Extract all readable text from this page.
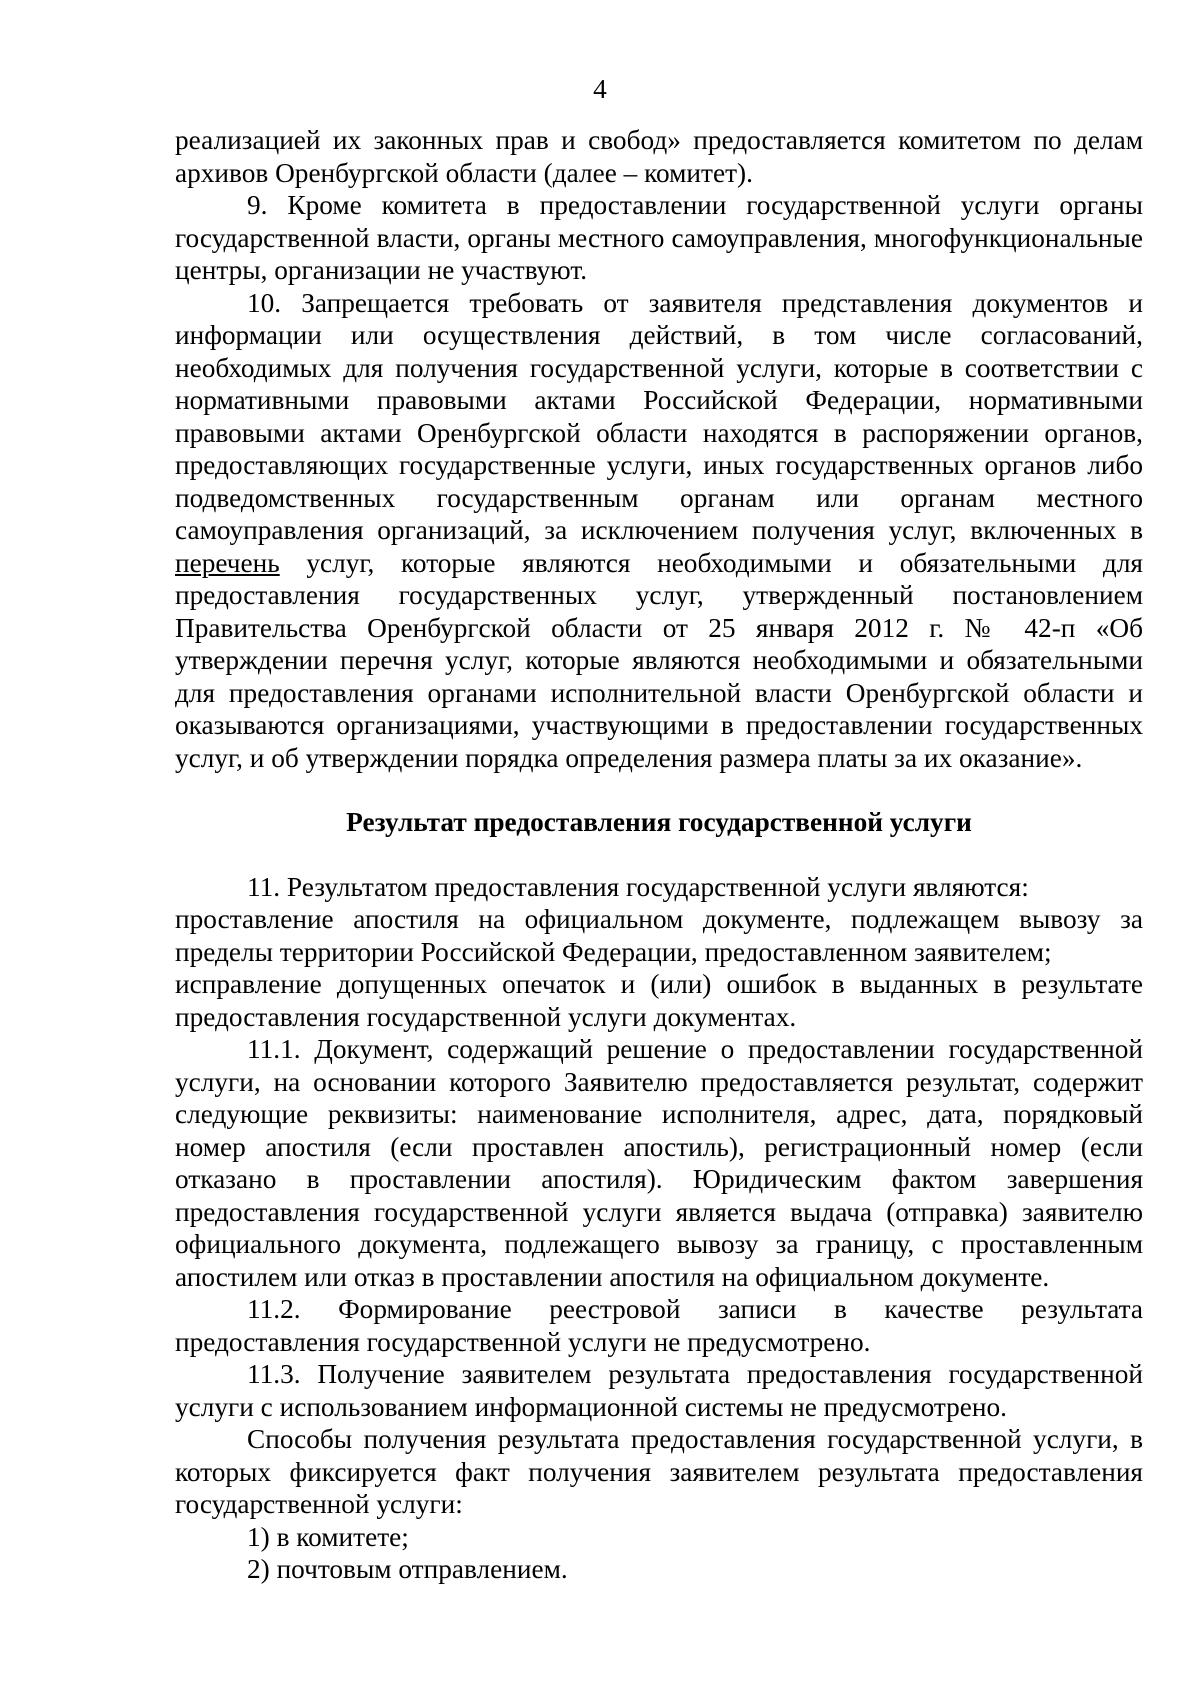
4

реализацией их законных прав и свобод» предоставляется комитетом по делам архивов Оренбургской области (далее – комитет).

9. Кроме комитета в предоставлении государственной услуги органы государственной власти, органы местного самоуправления, многофункциональные центры, организации не участвуют.

10. Запрещается требовать от заявителя представления документов и информации или осуществления действий, в том числе согласований, необходимых для получения государственной услуги, которые в соответствии с нормативными правовыми актами Российской Федерации, нормативными правовыми актами Оренбургской области находятся в распоряжении органов, предоставляющих государственные услуги, иных государственных органов либо подведомственных государственным органам или органам местного самоуправления организаций, за исключением получения услуг, включенных в перечень услуг, которые являются необходимыми и обязательными для предоставления государственных услуг, утвержденный постановлением Правительства Оренбургской области от 25 января 2012 г. № 42-п «Об утверждении перечня услуг, которые являются необходимыми и обязательными для предоставления органами исполнительной власти Оренбургской области и оказываются организациями, участвующими в предоставлении государственных услуг, и об утверждении порядка определения размера платы за их оказание».

Результат предоставления государственной услуги

11. Результатом предоставления государственной услуги являются:

проставление апостиля на официальном документе, подлежащем вывозу за пределы территории Российской Федерации, предоставленном заявителем;

исправление допущенных опечаток и (или) ошибок в выданных в результате предоставления государственной услуги документах.

11.1. Документ, содержащий решение о предоставлении государственной услуги, на основании которого Заявителю предоставляется результат, содержит следующие реквизиты: наименование исполнителя, адрес, дата, порядковый номер апостиля (если проставлен апостиль), регистрационный номер (если отказано в проставлении апостиля). Юридическим фактом завершения предоставления государственной услуги является выдача (отправка) заявителю официального документа, подлежащего вывозу за границу, с проставленным апостилем или отказ в проставлении апостиля на официальном документе.

11.2. Формирование реестровой записи в качестве результата предоставления государственной услуги не предусмотрено.

11.3. Получение заявителем результата предоставления государственной услуги с использованием информационной системы не предусмотрено.

Способы получения результата предоставления государственной услуги, в которых фиксируется факт получения заявителем результата предоставления государственной услуги:

1) в комитете;

2) почтовым отправлением.
